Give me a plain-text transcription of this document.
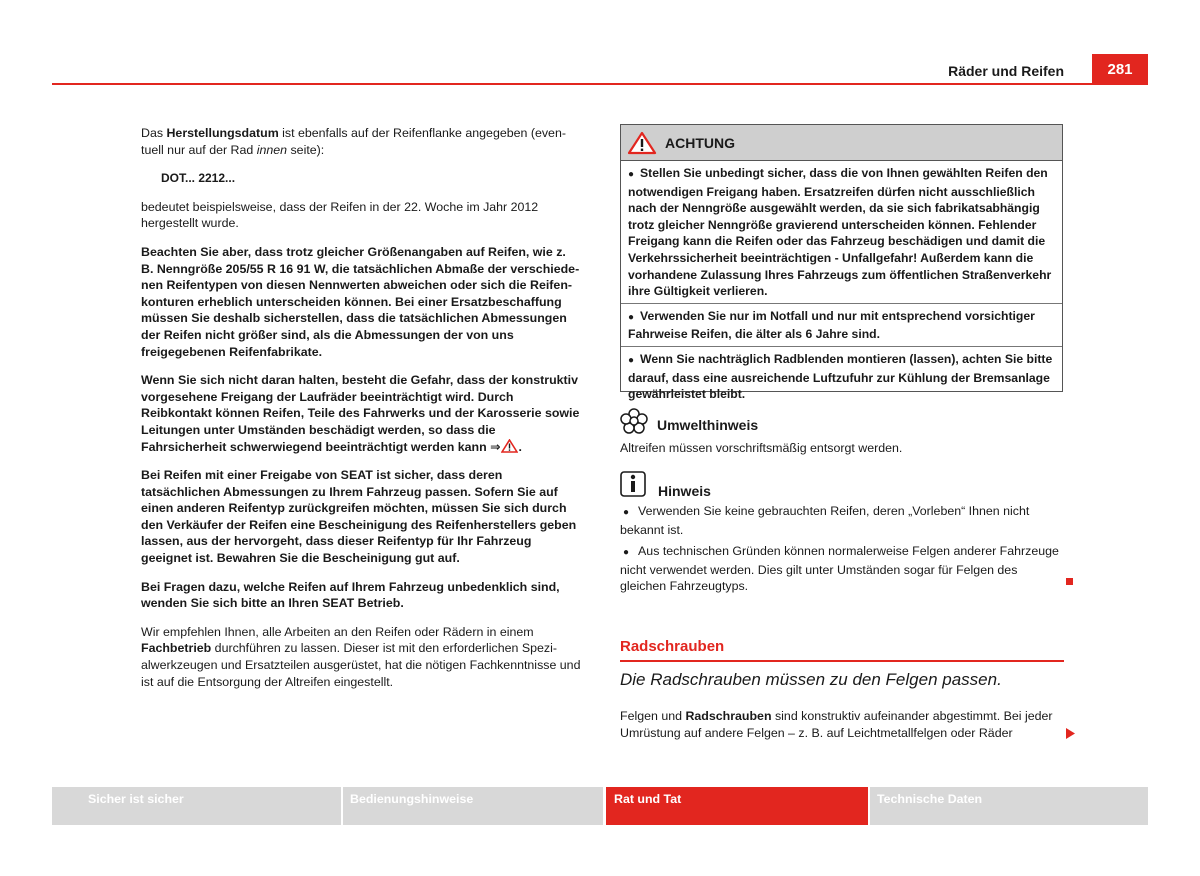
Räder und Reifen	281

Das Herstellungsdatum ist ebenfalls auf der Reifenflanke angegeben (even-
tuell nur auf der Rad innen seite):

DOT... 2212...

bedeutet beispielsweise, dass der Reifen in der 22. Woche im Jahr 2012 hergestellt wurde.

Beachten Sie aber, dass trotz gleicher Größenangaben auf Reifen, wie z. B. Nenngröße 205/55 R 16 91 W, die tatsächlichen Abmaße der verschiedenen Reifentypen von diesen Nennwerten abweichen oder sich die Reifenkonturen erheblich unterscheiden können. Bei einer Ersatzbeschaffung müssen Sie deshalb sicherstellen, dass die tatsächlichen Abmessungen der Reifen nicht größer sind, als die Abmessungen der von uns freigegebenen Reifenfabrikate.

Wenn Sie sich nicht daran halten, besteht die Gefahr, dass der konstruktiv vorgesehene Freigang der Laufräder beeinträchtigt wird. Durch Reibkontakt können Reifen, Teile des Fahrwerks und der Karosserie sowie Leitungen unter Umständen beschädigt werden, so dass die Fahrsicherheit schwerwiegend beeinträchtigt werden kann ⇒ .

Bei Reifen mit einer Freigabe von SEAT ist sicher, dass deren tatsächlichen Abmessungen zu Ihrem Fahrzeug passen. Sofern Sie auf einen anderen Reifentyp zurückgreifen möchten, müssen Sie sich durch den Verkäufer der Reifen eine Bescheinigung des Reifenherstellers geben lassen, aus der hervorgeht, dass dieser Reifentyp für Ihr Fahrzeug geeignet ist. Bewahren Sie die Bescheinigung gut auf.

Bei Fragen dazu, welche Reifen auf Ihrem Fahrzeug unbedenklich sind, wenden Sie sich bitte an Ihren SEAT Betrieb.

Wir empfehlen Ihnen, alle Arbeiten an den Reifen oder Rädern in einem Fachbetrieb durchführen zu lassen. Dieser ist mit den erforderlichen Spezialwerkzeugen und Ersatzteilen ausgerüstet, hat die nötigen Fachkenntnisse und ist auf die Entsorgung der Altreifen eingestellt.

ACHTUNG
● Stellen Sie unbedingt sicher, dass die von Ihnen gewählten Reifen den notwendigen Freigang haben. Ersatzreifen dürfen nicht ausschließlich nach der Nenngröße ausgewählt werden, da sie sich fabrikatsabhängig trotz gleicher Nenngröße gravierend unterscheiden können. Fehlender Freigang kann die Reifen oder das Fahrzeug beschädigen und damit die Verkehrssicherheit beeinträchtigen - Unfallgefahr! Außerdem kann die vorhandene Zulassung Ihres Fahrzeugs zum öffentlichen Straßenverkehr ihre Gültigkeit verlieren.
● Verwenden Sie nur im Notfall und nur mit entsprechend vorsichtiger Fahrweise Reifen, die älter als 6 Jahre sind.
● Wenn Sie nachträglich Radblenden montieren (lassen), achten Sie bitte darauf, dass eine ausreichende Luftzufuhr zur Kühlung der Bremsanlage gewährleistet bleibt.
Umwelthinweis
Altreifen müssen vorschriftsmäßig entsorgt werden.
Hinweis
● Verwenden Sie keine gebrauchten Reifen, deren „Vorleben“ Ihnen nicht bekannt ist.
● Aus technischen Gründen können normalerweise Felgen anderer Fahrzeuge nicht verwendet werden. Dies gilt unter Umständen sogar für Felgen des gleichen Fahrzeugtyps.
Radschrauben
Die Radschrauben müssen zu den Felgen passen.
Felgen und Radschrauben sind konstruktiv aufeinander abgestimmt. Bei jeder Umrüstung auf andere Felgen – z. B. auf Leichtmetallfelgen oder Räder
Sicher ist sicher	Bedienungshinweise	Rat und Tat	Technische Daten
